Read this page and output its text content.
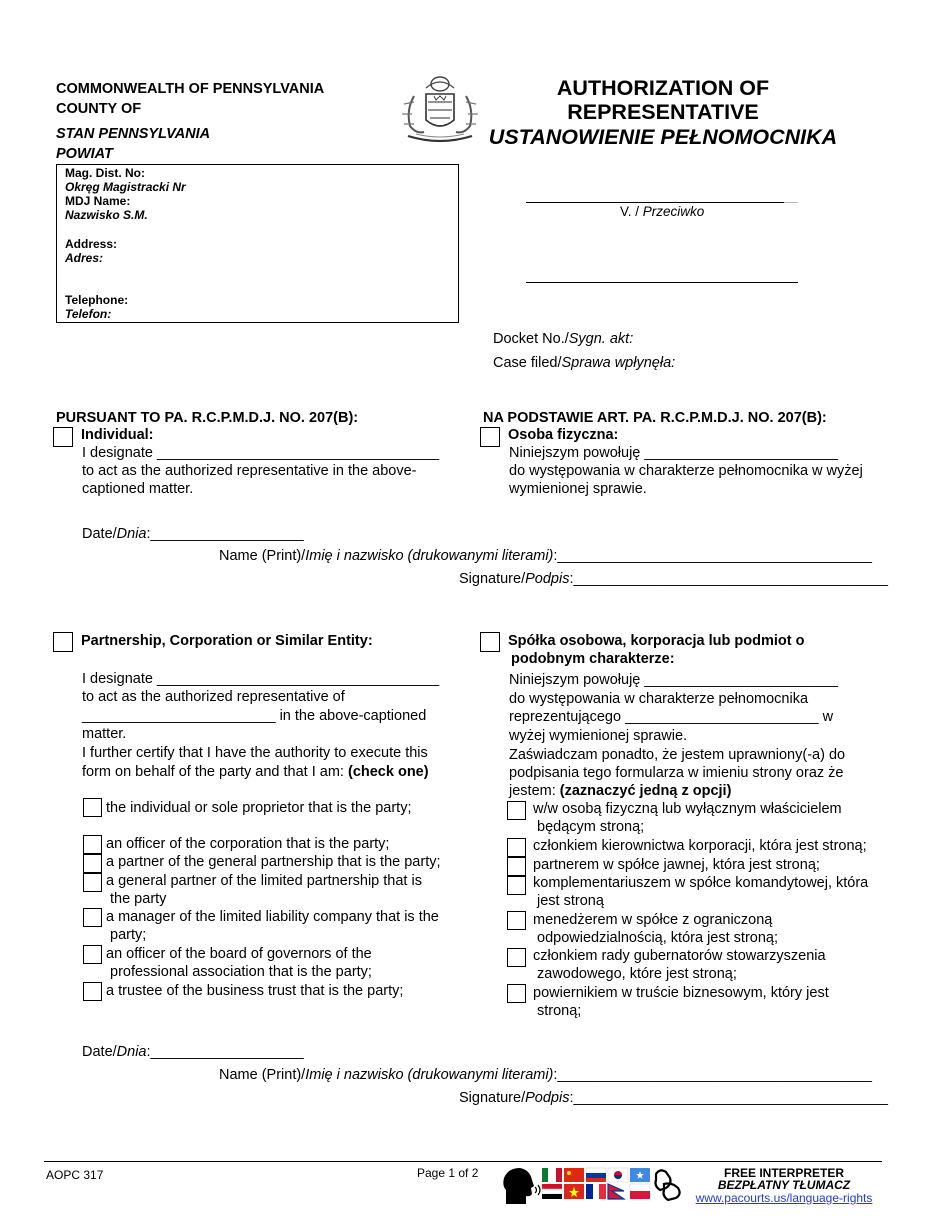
COMMONWEALTH OF PENNSYLVANIA
COUNTY OF
STAN PENNSYLVANIA
POWIAT
AUTHORIZATION OF
REPRESENTATIVE
USTANOWIENIE PEŁNOMOCNIKA
Mag. Dist. No:
Okręg Magistracki Nr
MDJ Name:
Nazwisko S.M.
Address:
Adres:
Telephone:
Telefon:
V. / Przeciwko
Docket No./Sygn. akt:
Case filed/Sprawa wpłynęła:
PURSUANT TO PA. R.C.P.M.D.J. NO. 207(B):	NA PODSTAWIE ART. PA. R.C.P.M.D.J. NO. 207(B):
Individual:
I designate ___________________________________
to act as the authorized representative in the above-
captioned matter.
Osoba fizyczna:
Niniejszym powołuję ________________________
do występowania w charakterze pełnomocnika w wyżej
wymienionej sprawie.
Date/Dnia:___________________
Name (Print)/Imię i nazwisko (drukowanymi literami):_______________________________________
Signature/Podpis:_______________________________________
Partnership, Corporation or Similar Entity:
I designate ___________________________________
to act as the authorized representative of
________________________ in the above-captioned
matter.
I further certify that I have the authority to execute this
form on behalf of the party and that I am: (check one)
the individual or sole proprietor that is the party;
an officer of the corporation that is the party;
a partner of the general partnership that is the party;
a general partner of the limited partnership that is
the party
a manager of the limited liability company that is the
party;
an officer of the board of governors of the
professional association that is the party;
a trustee of the business trust that is the party;
Spółka osobowa, korporacja lub podmiot o
podobnym charakterze:
Niniejszym powołuję ________________________
do występowania w charakterze pełnomocnika
reprezentującego ________________________ w
wyżej wymienionej sprawie.
Zaświadczam ponadto, że jestem uprawniony(-a) do
podpisania tego formularza w imieniu strony oraz że
jestem: (zaznaczyć jedną z opcji)
w/w osobą fizyczną lub wyłącznym właścicielem
będącym stroną;
członkiem kierownictwa korporacji, która jest stroną;
partnerem w spółce jawnej, która jest stroną;
komplementariuszem w spółce komandytowej, która
jest stroną
menedżerem w spółce z ograniczoną
odpowiedzialnością, która jest stroną;
członkiem rady gubernatorów stowarzyszenia
zawodowego, które jest stroną;
powiernikiem w truście biznesowym, który jest
stroną;
Date/Dnia:___________________
Name (Print)/Imię i nazwisko (drukowanymi literami):_______________________________________
Signature/Podpis:_______________________________________
AOPC 317	Page 1 of 2	FREE INTERPRETER
BEZPŁATNY TŁUMACZ
www.pacourts.us/language-rights
